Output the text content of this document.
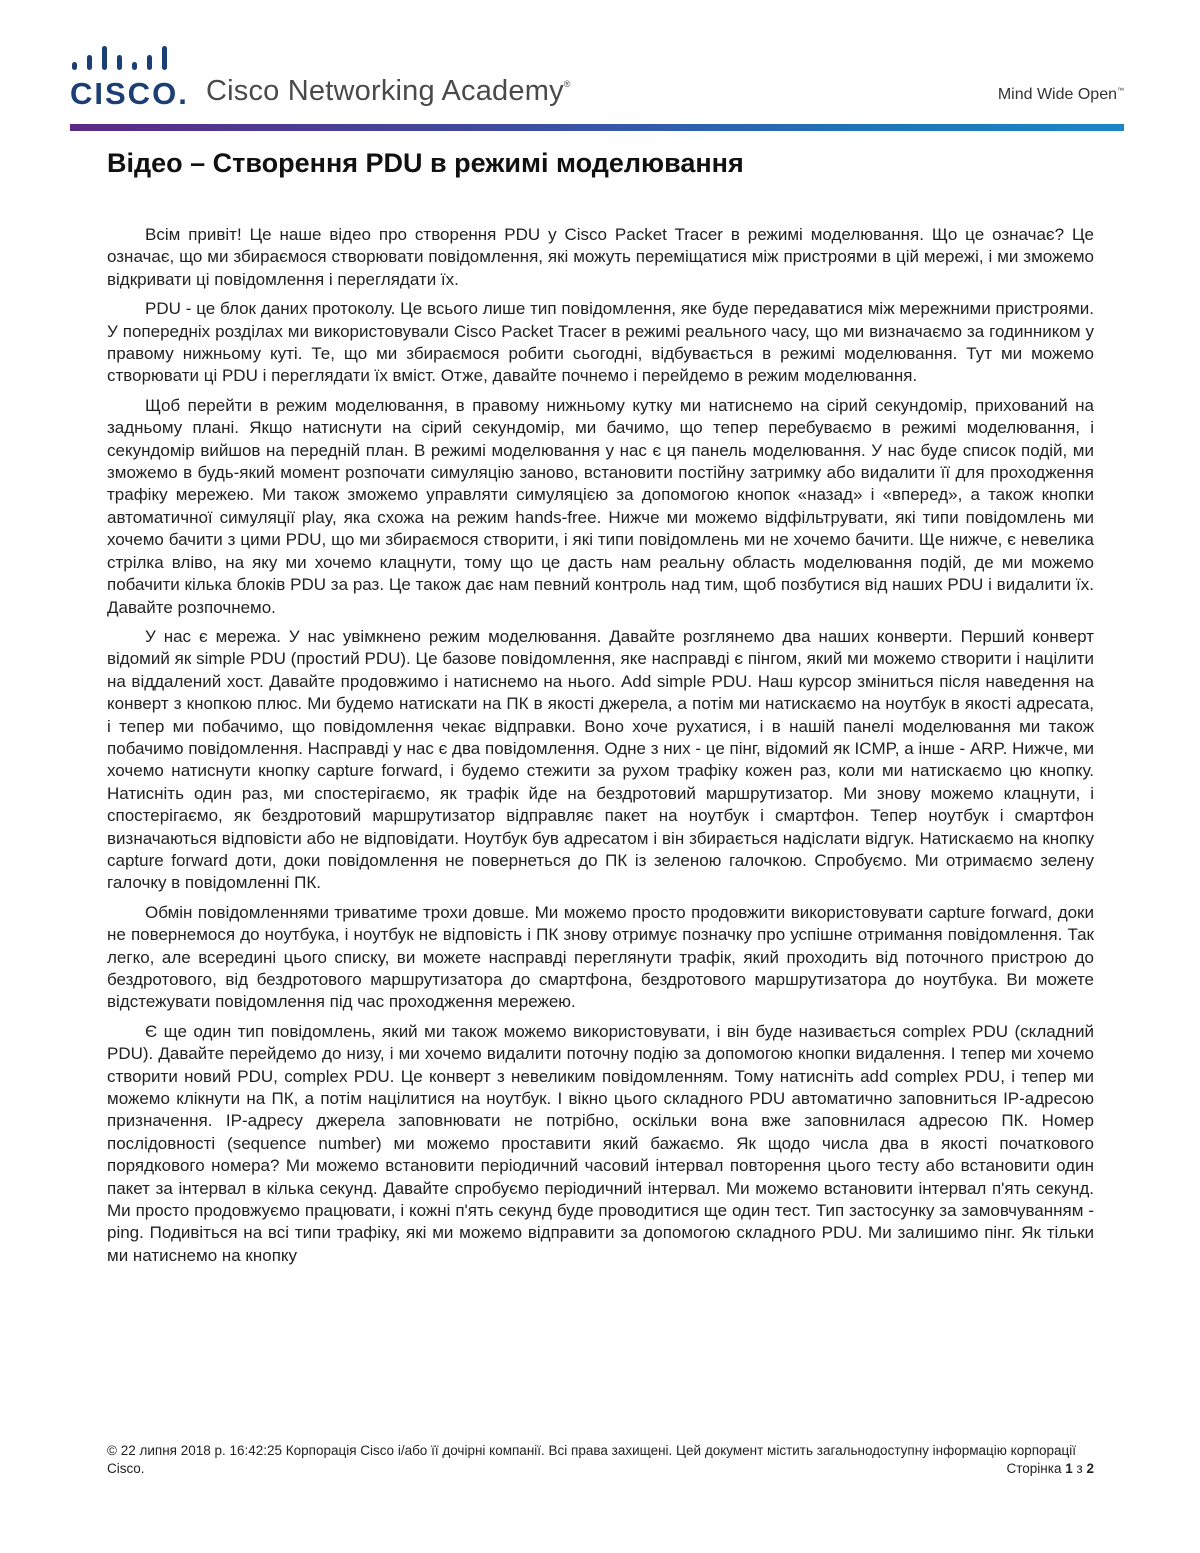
CISCO. Cisco Networking Academy®
Mind Wide Open™
Відео – Створення PDU в режимі моделювання

Всім привіт! Це наше відео про створення PDU у Cisco Packet Tracer в режимі моделювання. Що це означає? Це означає, що ми збираємося створювати повідомлення, які можуть переміщатися між пристроями в цій мережі, і ми зможемо відкривати ці повідомлення і переглядати їх.

PDU - це блок даних протоколу. Це всього лише тип повідомлення, яке буде передаватися між мережними пристроями. У попередніх розділах ми використовували Cisco Packet Tracer в режимі реального часу, що ми визначаємо за годинником у правому нижньому куті. Те, що ми збираємося робити сьогодні, відбувається в режимі моделювання. Тут ми можемо створювати ці PDU і переглядати їх вміст. Отже, давайте почнемо і перейдемо в режим моделювання.

Щоб перейти в режим моделювання, в правому нижньому кутку ми натиснемо на сірий секундомір, прихований на задньому плані. Якщо натиснути на сірий секундомір, ми бачимо, що тепер перебуваємо в режимі моделювання, і секундомір вийшов на передній план. В режимі моделювання у нас є ця панель моделювання. У нас буде список подій, ми зможемо в будь-який момент розпочати симуляцію заново, встановити постійну затримку або видалити її для проходження трафіку мережею. Ми також зможемо управляти симуляцією за допомогою кнопок «назад» і «вперед», а також кнопки автоматичної симуляції play, яка схожа на режим hands-free. Нижче ми можемо відфільтрувати, які типи повідомлень ми хочемо бачити з цими PDU, що ми збираємося створити, і які типи повідомлень ми не хочемо бачити. Ще нижче, є невелика стрілка вліво, на яку ми хочемо клацнути, тому що це дасть нам реальну область моделювання подій, де ми можемо побачити кілька блоків PDU за раз. Це також дає нам певний контроль над тим, щоб позбутися від наших PDU і видалити їх. Давайте розпочнемо.

У нас є мережа. У нас увімкнено режим моделювання. Давайте розглянемо два наших конверти. Перший конверт відомий як simple PDU (простий PDU). Це базове повідомлення, яке насправді є пінгом, який ми можемо створити і націлити на віддалений хост. Давайте продовжимо і натиснемо на нього. Add simple PDU. Наш курсор зміниться після наведення на конверт з кнопкою плюс. Ми будемо натискати на ПК в якості джерела, а потім ми натискаємо на ноутбук в якості адресата, і тепер ми побачимо, що повідомлення чекає відправки. Воно хоче рухатися, і в нашій панелі моделювання ми також побачимо повідомлення. Насправді у нас є два повідомлення. Одне з них - це пінг, відомий як ICMP, а інше - ARP. Нижче, ми хочемо натиснути кнопку capture forward, і будемо стежити за рухом трафіку кожен раз, коли ми натискаємо цю кнопку. Натисніть один раз, ми спостерігаємо, як трафік йде на бездротовий маршрутизатор. Ми знову можемо клацнути, і спостерігаємо, як бездротовий маршрутизатор відправляє пакет на ноутбук і смартфон. Тепер ноутбук і смартфон визначаються відповісти або не відповідати. Ноутбук був адресатом і він збирається надіслати відгук. Натискаємо на кнопку capture forward доти, доки повідомлення не повернеться до ПК із зеленою галочкою. Спробуємо. Ми отримаємо зелену галочку в повідомленні ПК.

Обмін повідомленнями триватиме трохи довше. Ми можемо просто продовжити використовувати capture forward, доки не повернемося до ноутбука, і ноутбук не відповість і ПК знову отримує позначку про успішне отримання повідомлення. Так легко, але всередині цього списку, ви можете насправді переглянути трафік, який проходить від поточного пристрою до бездротового, від бездротового маршрутизатора до смартфона, бездротового маршрутизатора до ноутбука. Ви можете відстежувати повідомлення під час проходження мережею.

Є ще один тип повідомлень, який ми також можемо використовувати, і він буде називається complex PDU (складний PDU). Давайте перейдемо до низу, і ми хочемо видалити поточну подію за допомогою кнопки видалення. І тепер ми хочемо створити новий PDU, complex PDU. Це конверт з невеликим повідомленням. Тому натисніть add complex PDU, і тепер ми можемо клікнути на ПК, а потім націлитися на ноутбук. І вікно цього складного PDU автоматично заповниться IP-адресою призначення. IP-адресу джерела заповнювати не потрібно, оскільки вона вже заповнилася адресою ПК. Номер послідовності (sequence number) ми можемо проставити який бажаємо. Як щодо числа два в якості початкового порядкового номера? Ми можемо встановити періодичний часовий інтервал повторення цього тесту або встановити один пакет за інтервал в кілька секунд. Давайте спробуємо періодичний інтервал. Ми можемо встановити інтервал п'ять секунд. Ми просто продовжуємо працювати, і кожні п'ять секунд буде проводитися ще один тест. Тип застосунку за замовчуванням - ping. Подивіться на всі типи трафіку, які ми можемо відправити за допомогою складного PDU. Ми залишимо пінг. Як тільки ми натиснемо на кнопку

© 22 липня 2018 р. 16:42:25 Корпорація Cisco і/або її дочірні компанії. Всі права захищені. Цей документ містить загальнодоступну інформацію корпорації Cisco.	Сторінка 1 з 2
